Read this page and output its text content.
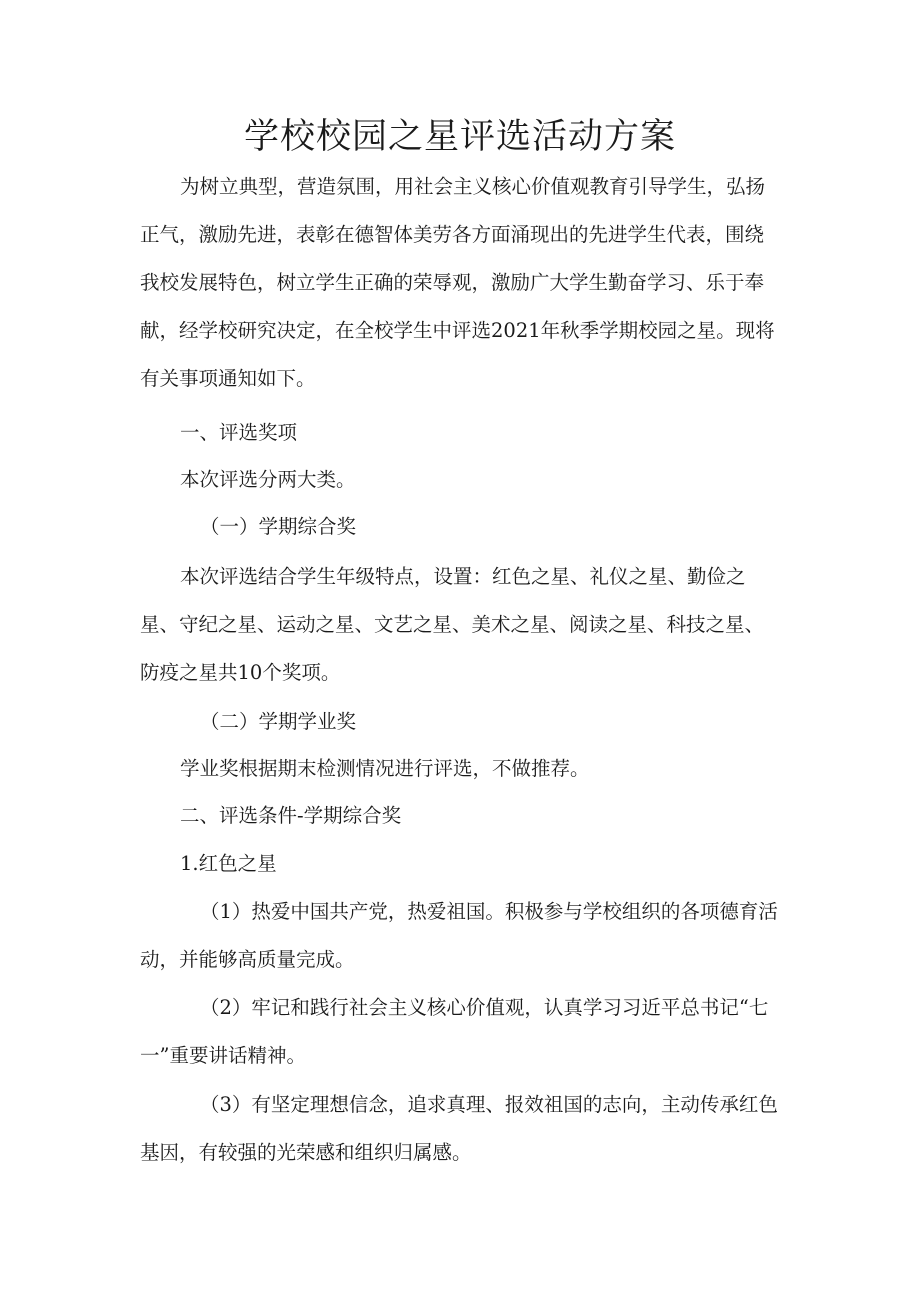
学校校园之星评选活动方案

为树立典型，营造氛围，用社会主义核心价值观教育引导学生，弘扬正气，激励先进，表彰在德智体美劳各方面涌现出的先进学生代表，围绕我校发展特色，树立学生正确的荣辱观，激励广大学生勤奋学习、乐于奉献，经学校研究决定，在全校学生中评选2021年秋季学期校园之星。现将有关事项通知如下。

一、评选奖项

本次评选分两大类。

（一）学期综合奖

本次评选结合学生年级特点，设置：红色之星、礼仪之星、勤俭之星、守纪之星、运动之星、文艺之星、美术之星、阅读之星、科技之星、防疫之星共10个奖项。

（二）学期学业奖

学业奖根据期末检测情况进行评选，不做推荐。

二、评选条件-学期综合奖

1.红色之星

（1）热爱中国共产党，热爱祖国。积极参与学校组织的各项德育活动，并能够高质量完成。

（2）牢记和践行社会主义核心价值观，认真学习习近平总书记“七一”重要讲话精神。

（3）有坚定理想信念，追求真理、报效祖国的志向，主动传承红色基因，有较强的光荣感和组织归属感。
